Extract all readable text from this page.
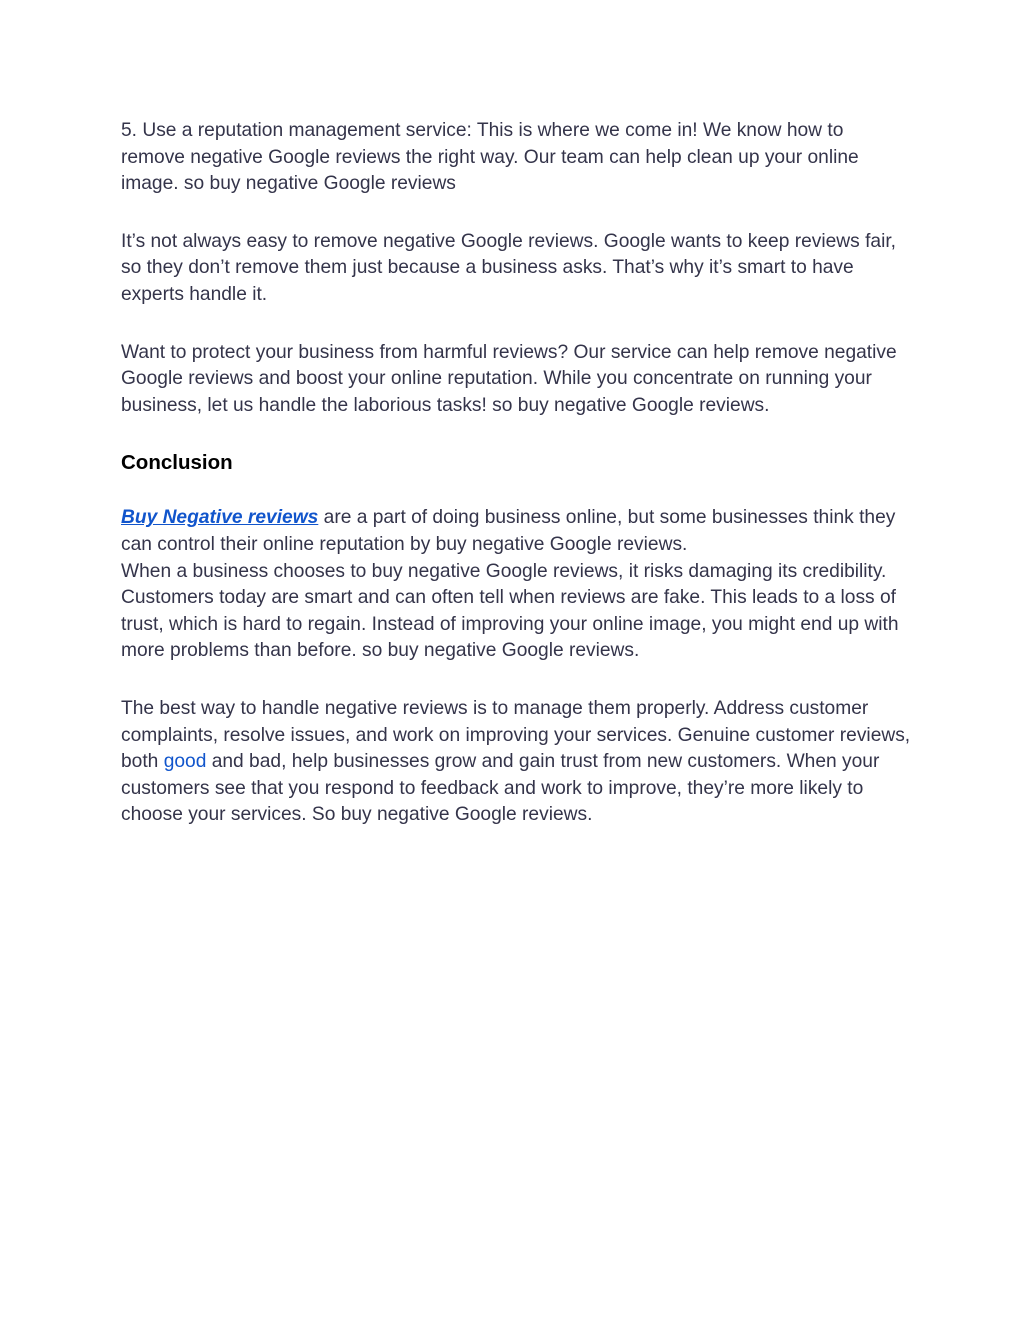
5. Use a reputation management service: This is where we come in! We know how to remove negative Google reviews the right way. Our team can help clean up your online image. so buy negative Google reviews

It’s not always easy to remove negative Google reviews. Google wants to keep reviews fair, so they don’t remove them just because a business asks. That’s why it’s smart to have experts handle it.

Want to protect your business from harmful reviews? Our service can help remove negative Google reviews and boost your online reputation. While you concentrate on running your business, let us handle the laborious tasks! so buy negative Google reviews.

Conclusion

Buy Negative reviews are a part of doing business online, but some businesses think they can control their online reputation by buy negative Google reviews.
When a business chooses to buy negative Google reviews, it risks damaging its credibility. Customers today are smart and can often tell when reviews are fake. This leads to a loss of trust, which is hard to regain. Instead of improving your online image, you might end up with more problems than before. so buy negative Google reviews.

The best way to handle negative reviews is to manage them properly. Address customer complaints, resolve issues, and work on improving your services. Genuine customer reviews, both good and bad, help businesses grow and gain trust from new customers. When your customers see that you respond to feedback and work to improve, they’re more likely to choose your services. So buy negative Google reviews.
